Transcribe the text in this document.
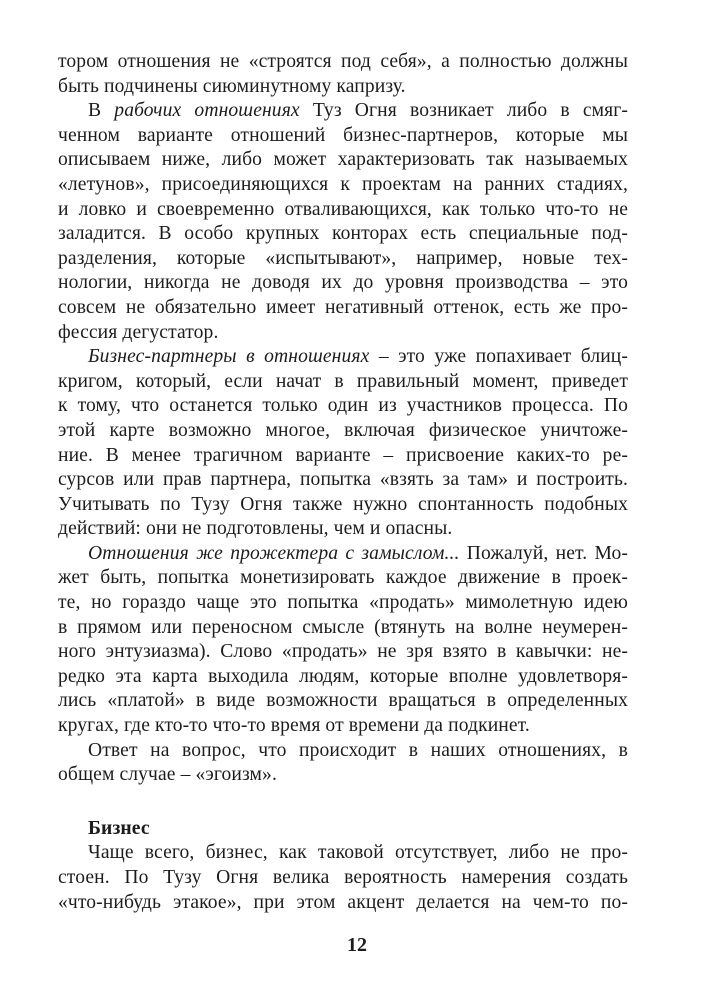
тором отношения не «строятся под себя», а полностью должны
быть подчинены сиюминутному капризу.
В рабочих отношениях Туз Огня возникает либо в смяг-
ченном варианте отношений бизнес-партнеров, которые мы
описываем ниже, либо может характеризовать так называемых
«летунов», присоединяющихся к проектам на ранних стадиях,
и ловко и своевременно отваливающихся, как только что-то не
заладится. В особо крупных конторах есть специальные под-
разделения, которые «испытывают», например, новые тех-
нологии, никогда не доводя их до уровня производства – это
совсем не обязательно имеет негативный оттенок, есть же про-
фессия дегустатор.
Бизнес-партнеры в отношениях – это уже попахивает блиц-
кригом, который, если начат в правильный момент, приведет
к тому, что останется только один из участников процесса. По
этой карте возможно многое, включая физическое уничтоже-
ние. В менее трагичном варианте – присвоение каких-то ре-
сурсов или прав партнера, попытка «взять за там» и построить.
Учитывать по Тузу Огня также нужно спонтанность подобных
действий: они не подготовлены, чем и опасны.
Отношения же прожектера с замыслом... Пожалуй, нет. Мо-
жет быть, попытка монетизировать каждое движение в проек-
те, но гораздо чаще это попытка «продать» мимолетную идею
в прямом или переносном смысле (втянуть на волне неумерен-
ного энтузиазма). Слово «продать» не зря взято в кавычки: не-
редко эта карта выходила людям, которые вполне удовлетворя-
лись «платой» в виде возможности вращаться в определенных
кругах, где кто-то что-то время от времени да подкинет.
Ответ на вопрос, что происходит в наших отношениях, в
общем случае – «эгоизм».
Бизнес
Чаще всего, бизнес, как таковой отсутствует, либо не про-
стоен. По Тузу Огня велика вероятность намерения создать
«что-нибудь этакое», при этом акцент делается на чем-то по-
12
